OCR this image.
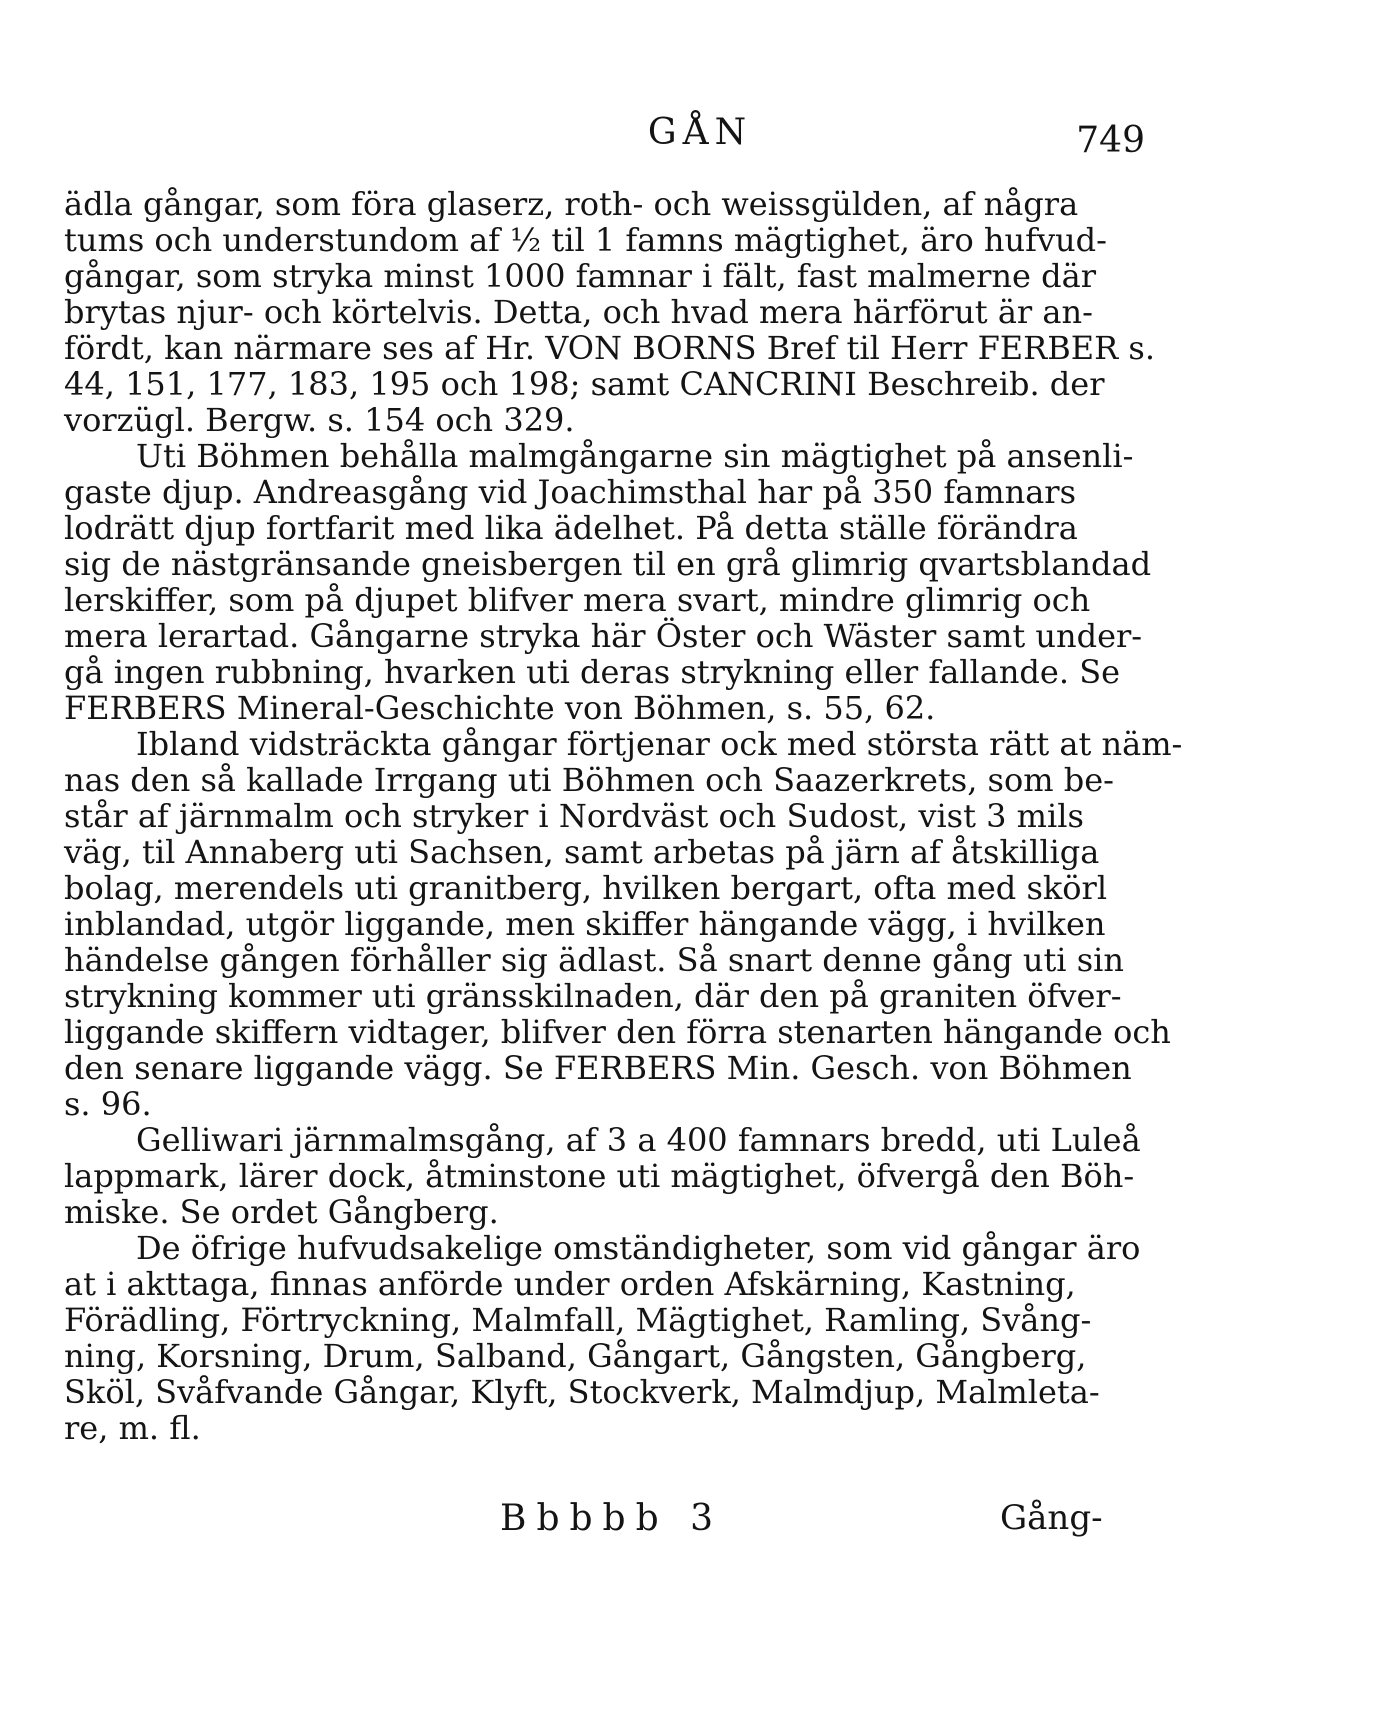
GÅN	749
ädla gångar, som föra glaserz, roth- och weissgülden, af några
tums och understundom af ½ til 1 famns mägtighet, äro hufvud-
gångar, som stryka minst 1000 famnar i fält, fast malmerne där
brytas njur- och körtelvis. Detta, och hvad mera härförut är an-
fördt, kan närmare ses af Hr. VON BORNS Bref til Herr FERBER s.
44, 151, 177, 183, 195 och 198; samt CANCRINI Beschreib. der
vorzügl. Bergw. s. 154 och 329.
Uti Böhmen behålla malmgångarne sin mägtighet på ansenli-
gaste djup. Andreasgång vid Joachimsthal har på 350 famnars
lodrätt djup fortfarit med lika ädelhet. På detta ställe förändra
sig de nästgränsande gneisbergen til en grå glimrig qvartsblandad
lerskiffer, som på djupet blifver mera svart, mindre glimrig och
mera lerartad. Gångarne stryka här Öster och Wäster samt under-
gå ingen rubbning, hvarken uti deras strykning eller fallande. Se
FERBERS Mineral-Geschichte von Böhmen, s. 55, 62.
Ibland vidsträckta gångar förtjenar ock med största rätt at näm-
nas den så kallade Irrgang uti Böhmen och Saazerkrets, som be-
står af järnmalm och stryker i Nordväst och Sudost, vist 3 mils
väg, til Annaberg uti Sachsen, samt arbetas på järn af åtskilliga
bolag, merendels uti granitberg, hvilken bergart, ofta med skörl
inblandad, utgör liggande, men skiffer hängande vägg, i hvilken
händelse gången förhåller sig ädlast. Så snart denne gång uti sin
strykning kommer uti gränsskilnaden, där den på graniten öfver-
liggande skiffern vidtager, blifver den förra stenarten hängande och
den senare liggande vägg. Se FERBERS Min. Gesch. von Böhmen
s. 96.
Gelliwari järnmalmsgång, af 3 a 400 famnars bredd, uti Luleå
lappmark, lärer dock, åtminstone uti mägtighet, öfvergå den Böh-
miske. Se ordet Gångberg.
De öfrige hufvudsakelige omständigheter, som vid gångar äro
at i akttaga, finnas anförde under orden Afskärning, Kastning,
Förädling, Förtryckning, Malmfall, Mägtighet, Ramling, Svång-
ning, Korsning, Drum, Salband, Gångart, Gångsten, Gångberg,
Sköl, Svåfvande Gångar, Klyft, Stockverk, Malmdjup, Malmleta-
re, m. fl.
Bbbbb 3	Gång-
